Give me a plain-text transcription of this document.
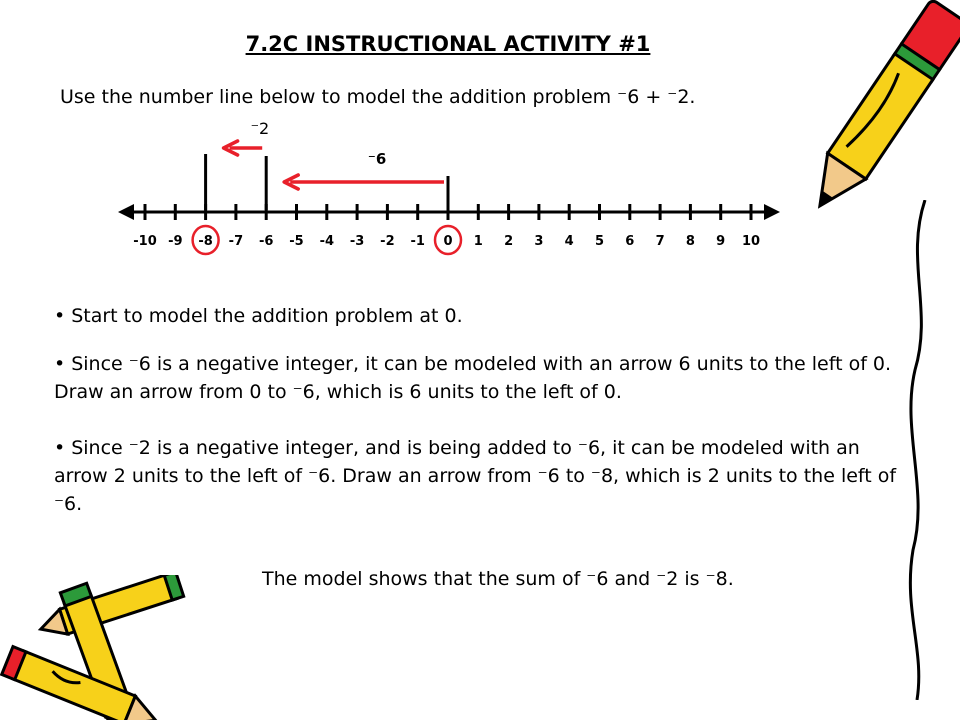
7.2C INSTRUCTIONAL ACTIVITY #1
Use the number line below to model the addition problem ⁻6 + ⁻2.
-10 -9 -8 -7 -6 -5 -4 -3 -2 -1 0 1 2 3 4 5 6 7 8 9 10
⁻6
⁻2
• Start to model the addition problem at 0.
• Since ⁻6 is a negative integer, it can be modeled with an arrow 6 units to the left of 0. Draw an arrow from 0 to ⁻6, which is 6 units to the left of 0.
• Since ⁻2 is a negative integer, and is being added to ⁻6, it can be modeled with an arrow 2 units to the left of ⁻6. Draw an arrow from ⁻6 to ⁻8, which is 2 units to the left of ⁻6.
The model shows that the sum of ⁻6 and ⁻2 is ⁻8.
